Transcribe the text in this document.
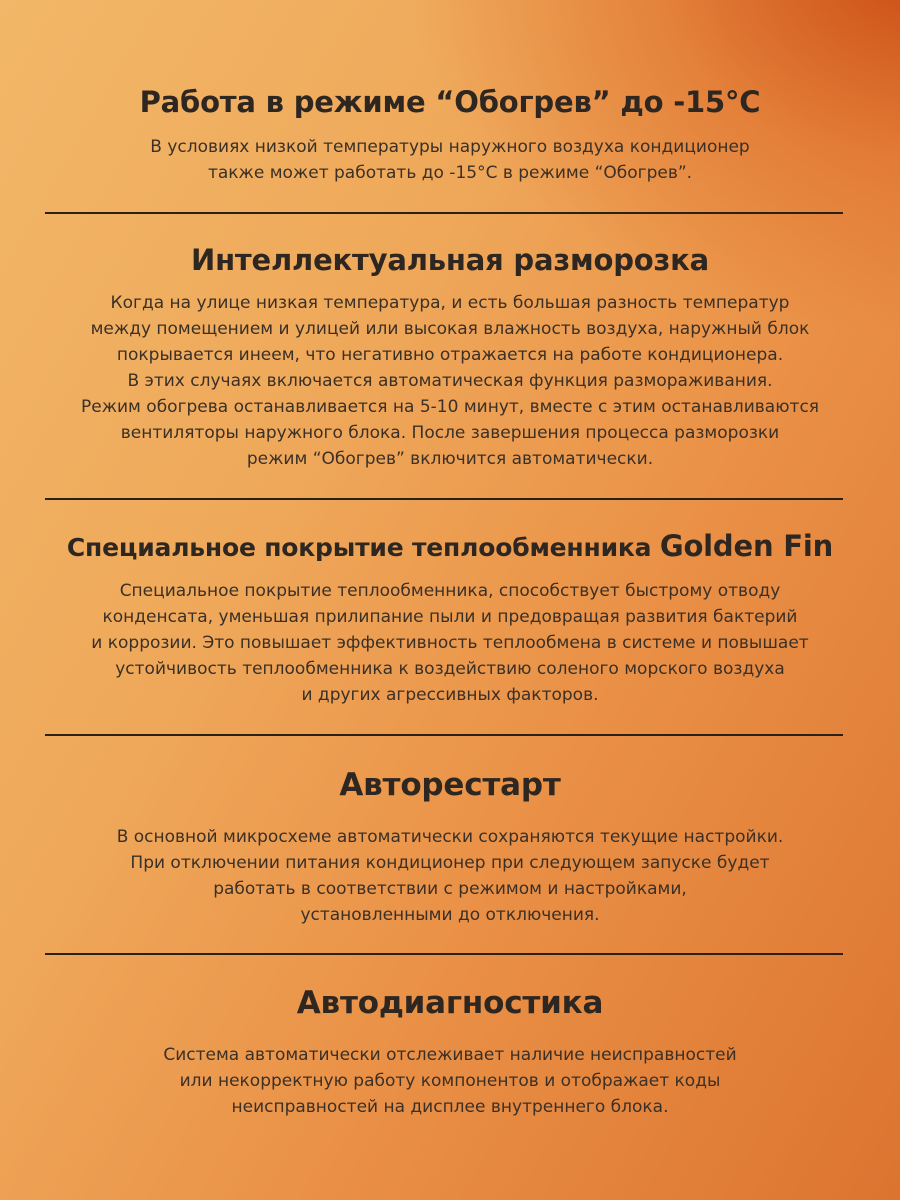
Работа в режиме “Обогрев” до -15°С

В условиях низкой температуры наружного воздуха кондиционер
также может работать до -15°С в режиме “Обогрев”.

Интеллектуальная разморозка

Когда на улице низкая температура, и есть большая разность температур
между помещением и улицей или высокая влажность воздуха, наружный блок
покрывается инеем, что негативно отражается на работе кондиционера.
В этих случаях включается автоматическая функция размораживания.
Режим обогрева останавливается на 5-10 минут, вместе с этим останавливаются
вентиляторы наружного блока. После завершения процесса разморозки
режим “Обогрев” включится автоматически.

Специальное покрытие теплообменника Golden Fin

Специальное покрытие теплообменника, способствует быстрому отводу
конденсата, уменьшая прилипание пыли и предовращая развития бактерий
и коррозии. Это повышает эффективность теплообмена в системе и повышает
устойчивость теплообменника к воздействию соленого морского воздуха
и других агрессивных факторов.

Авторестарт

В основной микросхеме автоматически сохраняются текущие настройки.
При отключении питания кондиционер при следующем запуске будет
работать в соответствии с режимом и настройками,
установленными до отключения.

Автодиагностика

Система автоматически отслеживает наличие неисправностей
или некорректную работу компонентов и отображает коды
неисправностей на дисплее внутреннего блока.
